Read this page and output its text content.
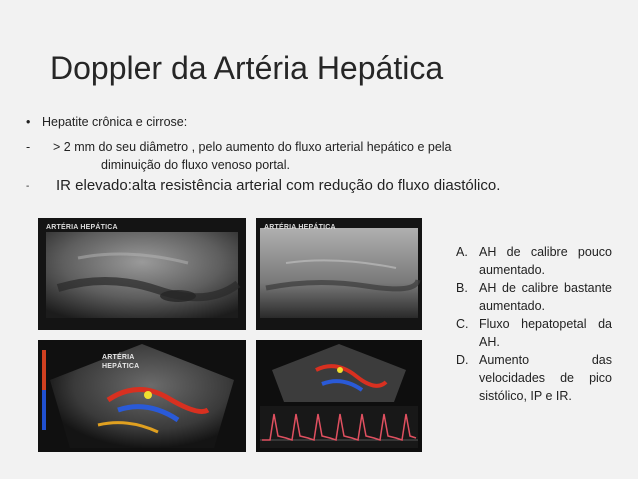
Doppler da Artéria Hepática
• Hepatite crônica e cirrose:
- > 2 mm do seu diâmetro , pelo aumento do fluxo arterial hepático e pela
diminuição do fluxo venoso portal.
- IR elevado:alta resistência arterial com redução do fluxo diastólico.
ARTÉRIA HEPÁTICA	ARTÉRIA HEPÁTICA
ARTÉRIA
HEPÁTICA
A. AH de calibre pouco aumentado.
B. AH de calibre bastante aumentado.
C. Fluxo hepatopetal da AH.
D. Aumento das velocidades de pico sistólico, IP e IR.
